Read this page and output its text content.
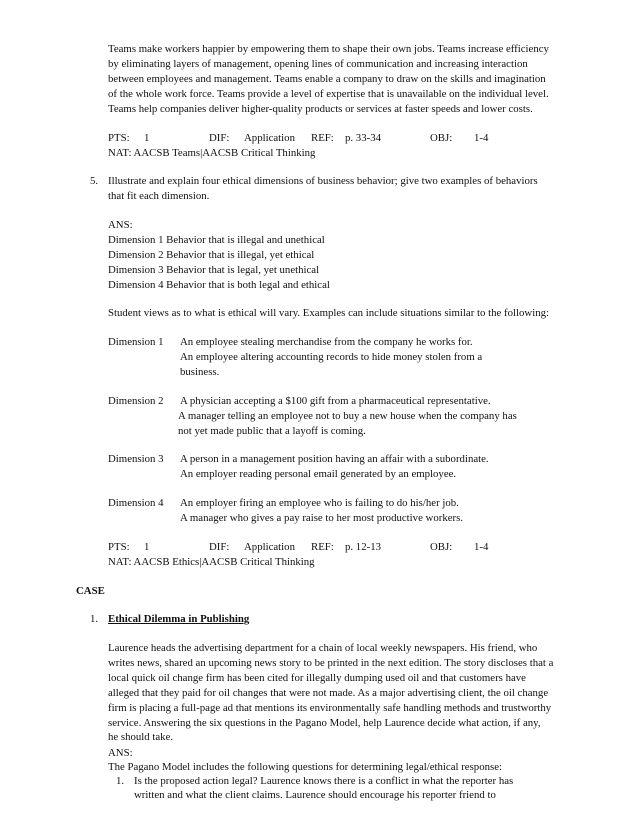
Teams make workers happier by empowering them to shape their own jobs. Teams increase efficiency
by eliminating layers of management, opening lines of communication and increasing interaction
between employees and management. Teams enable a company to draw on the skills and imagination
of the whole work force. Teams provide a level of expertise that is unavailable on the individual level.
Teams help companies deliver higher-quality products or services at faster speeds and lower costs.
PTS: 1	DIF: Application REF: p. 33-34	OBJ: 1-4
NAT: AACSB Teams|AACSB Critical Thinking
5. Illustrate and explain four ethical dimensions of business behavior; give two examples of behaviors
that fit each dimension.
ANS:
Dimension 1 Behavior that is illegal and unethical
Dimension 2 Behavior that is illegal, yet ethical
Dimension 3 Behavior that is legal, yet unethical
Dimension 4 Behavior that is both legal and ethical
Student views as to what is ethical will vary. Examples can include situations similar to the following:
Dimension 1 An employee stealing merchandise from the company he works for.
An employee altering accounting records to hide money stolen from a
business.
Dimension 2 A physician accepting a $100 gift from a pharmaceutical representative.
A manager telling an employee not to buy a new house when the company has
not yet made public that a layoff is coming.
Dimension 3 A person in a management position having an affair with a subordinate.
An employer reading personal email generated by an employee.
Dimension 4 An employer firing an employee who is failing to do his/her job.
A manager who gives a pay raise to her most productive workers.
PTS: 1	DIF: Application REF: p. 12-13	OBJ: 1-4
NAT: AACSB Ethics|AACSB Critical Thinking
CASE
1. Ethical Dilemma in Publishing
Laurence heads the advertising department for a chain of local weekly newspapers. His friend, who
writes news, shared an upcoming news story to be printed in the next edition. The story discloses that a
local quick oil change firm has been cited for illegally dumping used oil and that customers have
alleged that they paid for oil changes that were not made. As a major advertising client, the oil change
firm is placing a full-page ad that mentions its environmentally safe handling methods and trustworthy
service. Answering the six questions in the Pagano Model, help Laurence decide what action, if any,
he should take.
ANS:
The Pagano Model includes the following questions for determining legal/ethical response:
1. Is the proposed action legal? Laurence knows there is a conflict in what the reporter has
written and what the client claims. Laurence should encourage his reporter friend to
